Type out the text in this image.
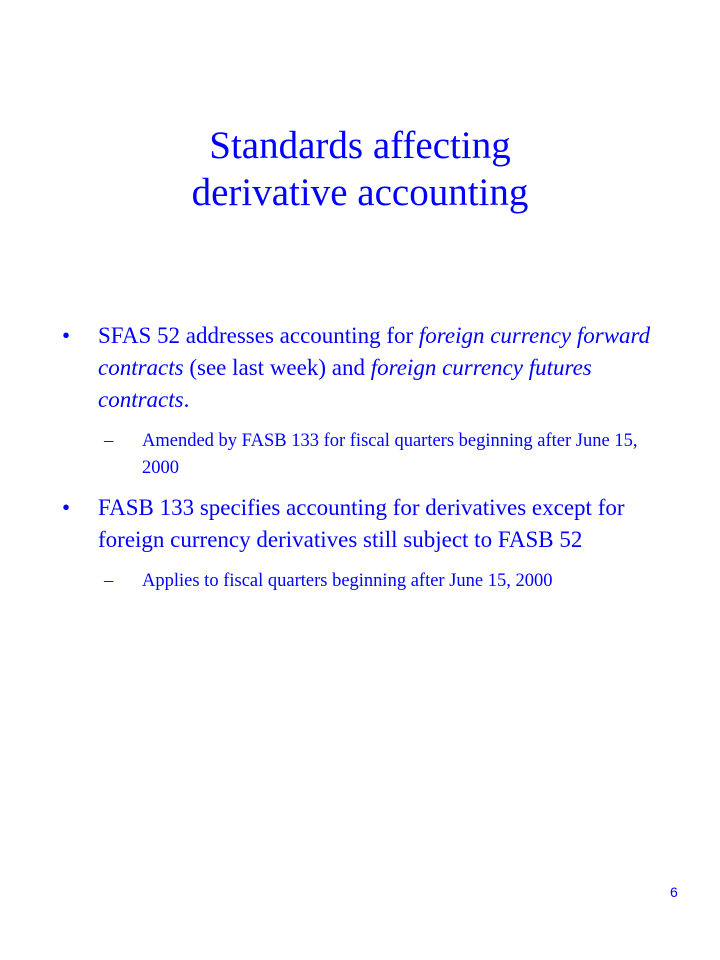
Standards affecting
derivative accounting
• SFAS 52 addresses accounting for foreign currency forward contracts (see last week) and foreign currency futures contracts.
– Amended by FASB 133 for fiscal quarters beginning after June 15, 2000
• FASB 133 specifies accounting for derivatives except for foreign currency derivatives still subject to FASB 52
– Applies to fiscal quarters beginning after June 15, 2000
6
